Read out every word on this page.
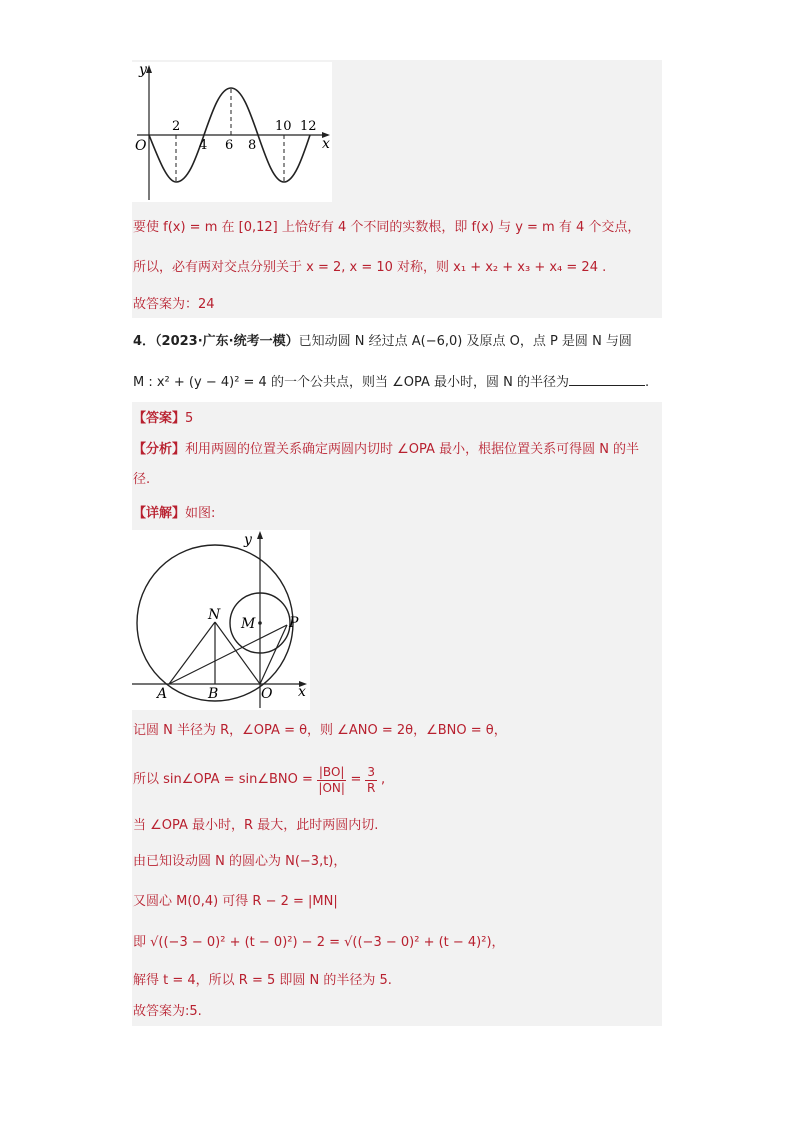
y
x
O
2	10 12
4 6 8
要使 f(x) = m 在 [0,12] 上恰好有 4 个不同的实数根，即 f(x) 与 y = m 有 4 个交点，
所以，必有两对交点分别关于 x = 2, x = 10 对称，则 x₁ + x₂ + x₃ + x₄ = 24 .
故答案为：24
4．（2023·广东·统考一模）已知动圆 N 经过点 A(−6,0) 及原点 O，点 P 是圆 N 与圆
M : x² + (y − 4)² = 4 的一个公共点，则当 ∠OPA 最小时，圆 N 的半径为	.
【答案】5
【分析】利用两圆的位置关系确定两圆内切时 ∠OPA 最小，根据位置关系可得圆 N 的半
径.
【详解】如图:
y
x
N
M P
A	B	O
记圆 N 半径为 R，∠OPA = θ，则 ∠ANO = 2θ，∠BNO = θ，
所以 sin∠OPA = sin∠BNO = $\frac{|BO|}{|ON|} = \frac{3}{R}$ ,
当 ∠OPA 最小时，R 最大，此时两圆内切.
由已知设动圆 N 的圆心为 N(−3,t)，
又圆心 M(0,4) 可得 R − 2 = |MN|
即 √((−3 − 0)² + (t − 0)²) − 2 = √((−3 − 0)² + (t − 4)²)，
解得 t = 4，所以 R = 5 即圆 N 的半径为 5.
故答案为:5.
